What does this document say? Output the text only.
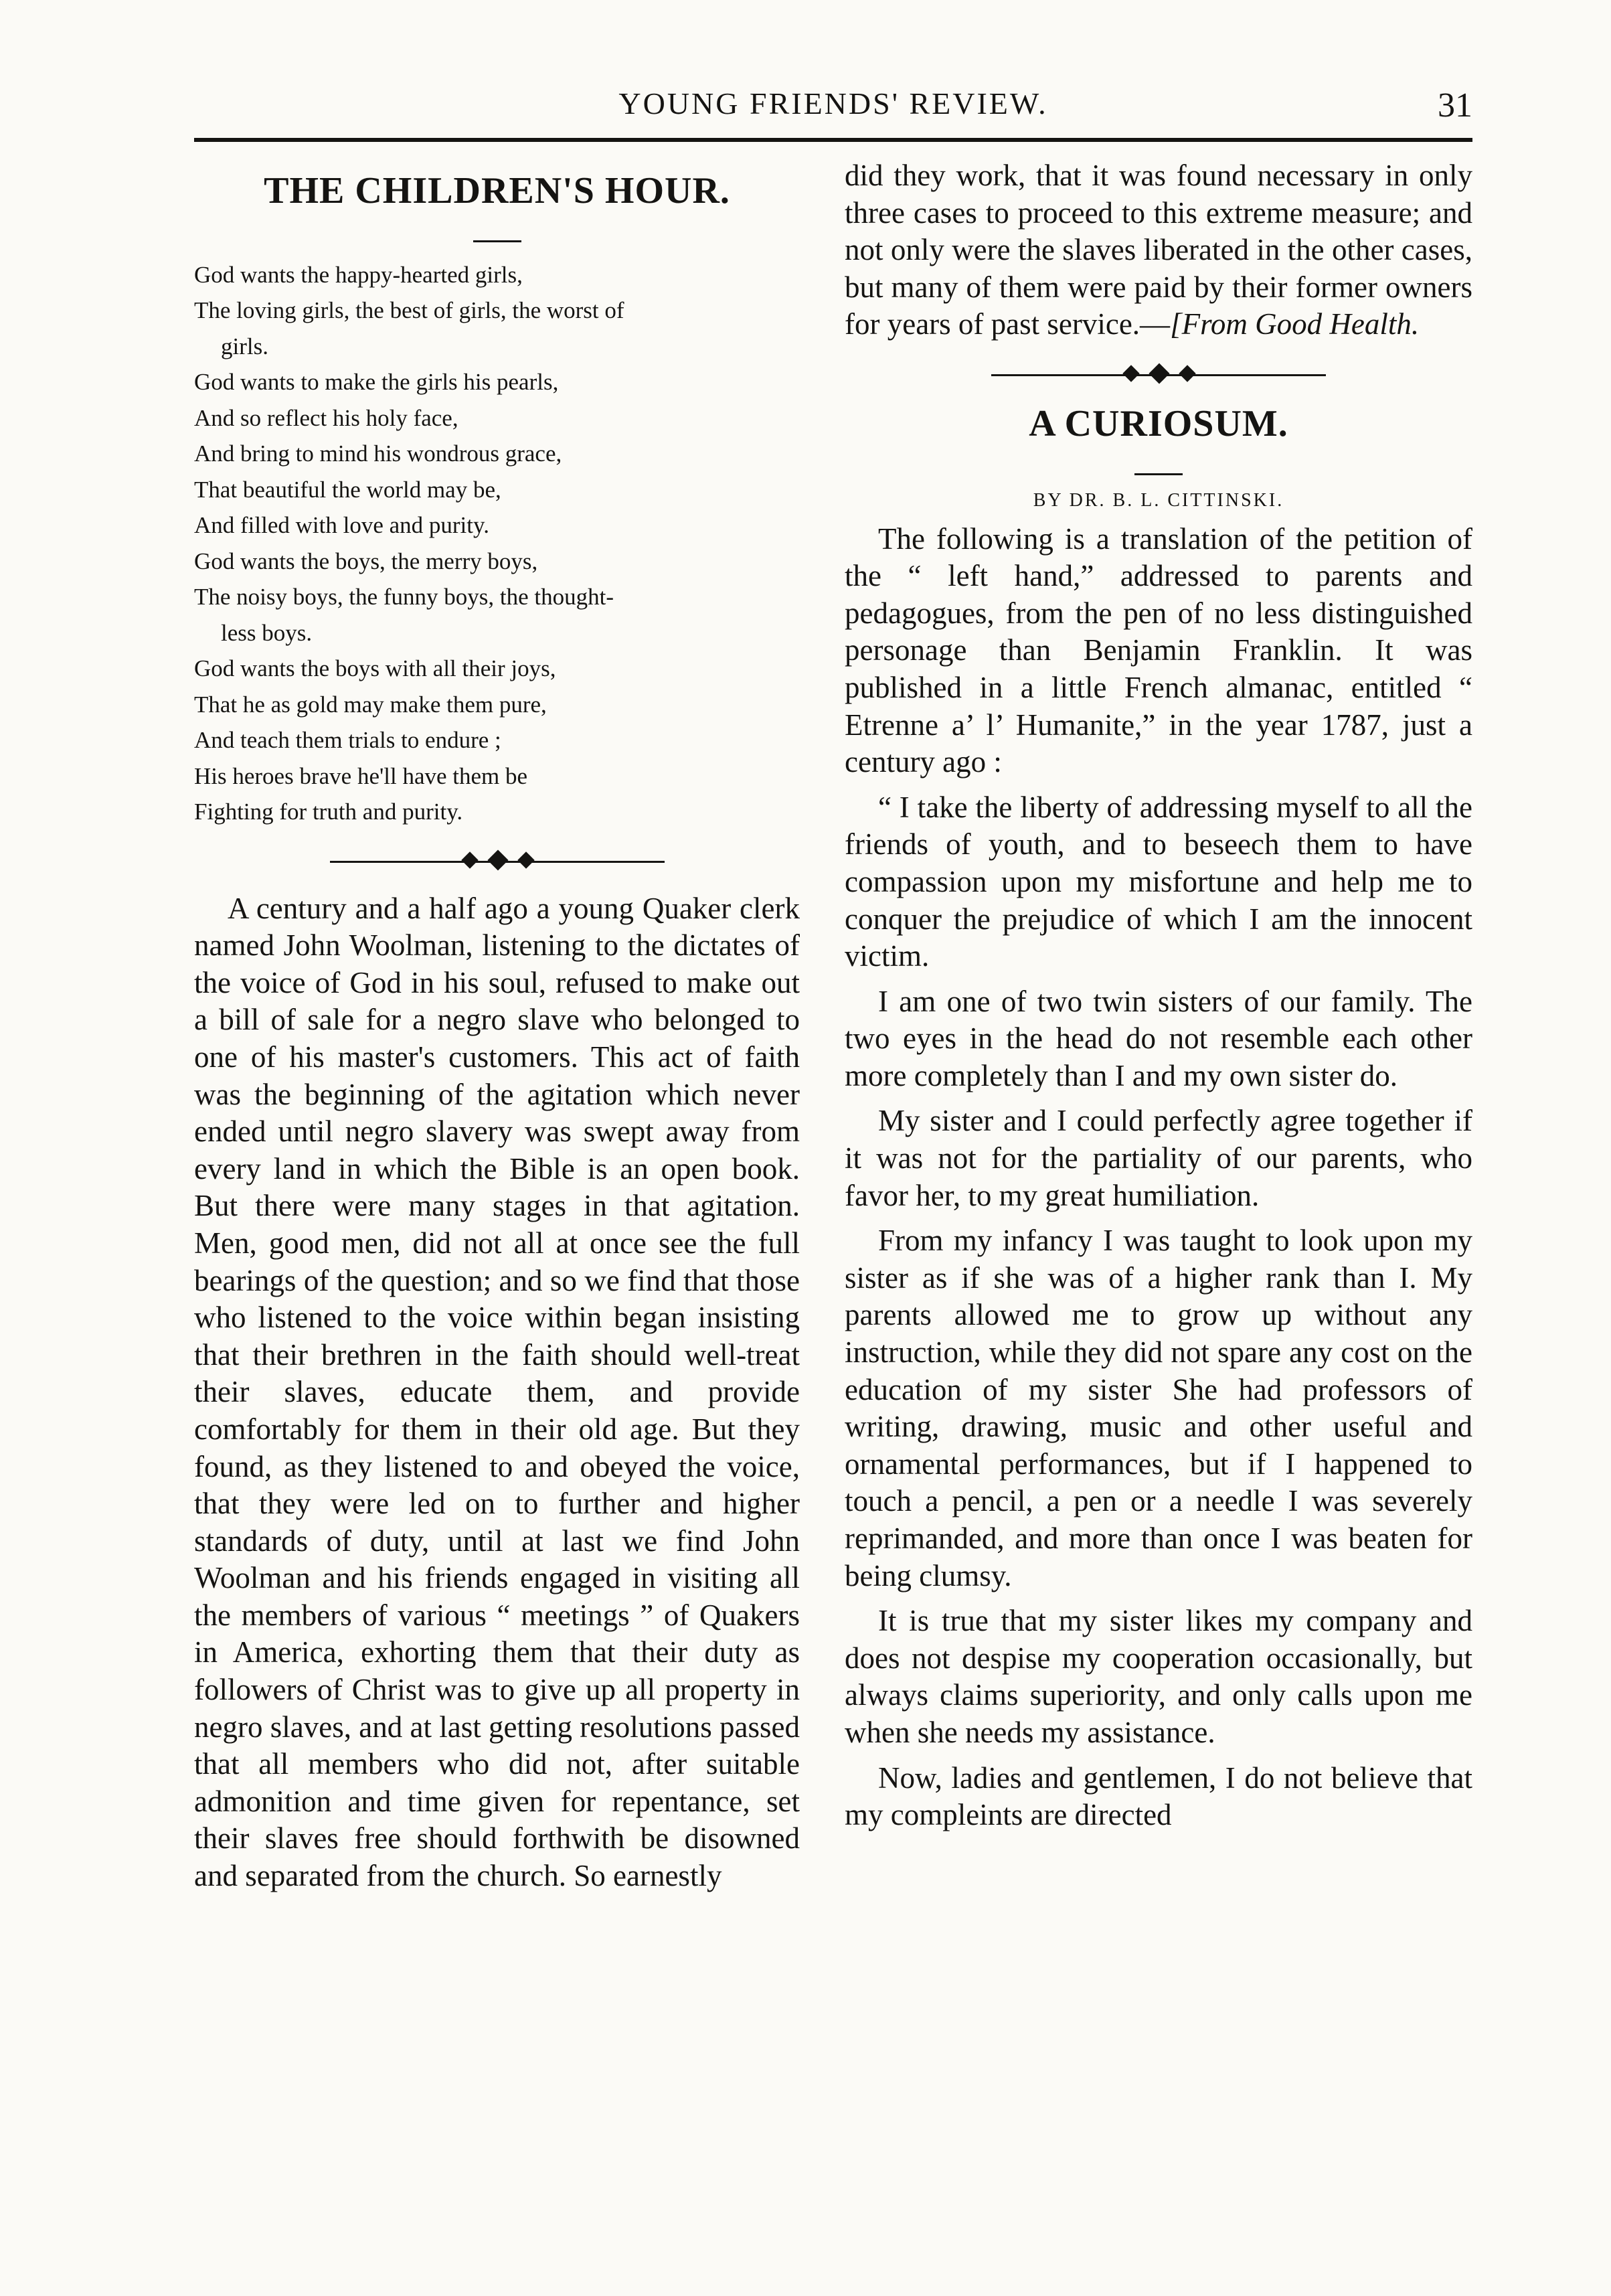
YOUNG FRIENDS' REVIEW.	31
THE CHILDREN'S HOUR.
God wants the happy-hearted girls,
The loving girls, the best of girls, the worst of
girls.
God wants to make the girls his pearls,
And so reflect his holy face,
And bring to mind his wondrous grace,
That beautiful the world may be,
And filled with love and purity.
God wants the boys, the merry boys,
The noisy boys, the funny boys, the thought-
less boys.
God wants the boys with all their joys,
That he as gold may make them pure,
And teach them trials to endure ;
His heroes brave he'll have them be
Fighting for truth and purity.

A century and a half ago a young Quaker clerk named John Woolman, listening to the dictates of the voice of God in his soul, refused to make out a bill of sale for a negro slave who belonged to one of his master's customers. This act of faith was the beginning of the agitation which never ended until negro slavery was swept away from every land in which the Bible is an open book. But there were many stages in that agitation. Men, good men, did not all at once see the full bearings of the question; and so we find that those who listened to the voice within began insisting that their brethren in the faith should well-treat their slaves, educate them, and provide comfortably for them in their old age. But they found, as they listened to and obeyed the voice, that they were led on to further and higher standards of duty, until at last we find John Woolman and his friends engaged in visiting all the members of various “ meetings ” of Quakers in America, exhorting them that their duty as followers of Christ was to give up all property in negro slaves, and at last getting resolutions passed that all members who did not, after suitable admonition and time given for repentance, set their slaves free should forthwith be disowned and separated from the church. So earnestly

did they work, that it was found necessary in only three cases to proceed to this extreme measure; and not only were the slaves liberated in the other cases, but many of them were paid by their former owners for years of past service.—[From Good Health.

A CURIOSUM.
BY DR. B. L. CITTINSKI.

The following is a translation of the petition of the “ left hand,” addressed to parents and pedagogues, from the pen of no less distinguished personage than Benjamin Franklin. It was published in a little French almanac, entitled “ Etrenne a’ l’ Humanite,” in the year 1787, just a century ago :

“ I take the liberty of addressing myself to all the friends of youth, and to beseech them to have compassion upon my misfortune and help me to conquer the prejudice of which I am the innocent victim.

I am one of two twin sisters of our family. The two eyes in the head do not resemble each other more completely than I and my own sister do.

My sister and I could perfectly agree together if it was not for the partiality of our parents, who favor her, to my great humiliation.

From my infancy I was taught to look upon my sister as if she was of a higher rank than I. My parents allowed me to grow up without any instruction, while they did not spare any cost on the education of my sister She had professors of writing, drawing, music and other useful and ornamental performances, but if I happened to touch a pencil, a pen or a needle I was severely reprimanded, and more than once I was beaten for being clumsy.

It is true that my sister likes my company and does not despise my cooperation occasionally, but always claims superiority, and only calls upon me when she needs my assistance.

Now, ladies and gentlemen, I do not believe that my compleints are directed
